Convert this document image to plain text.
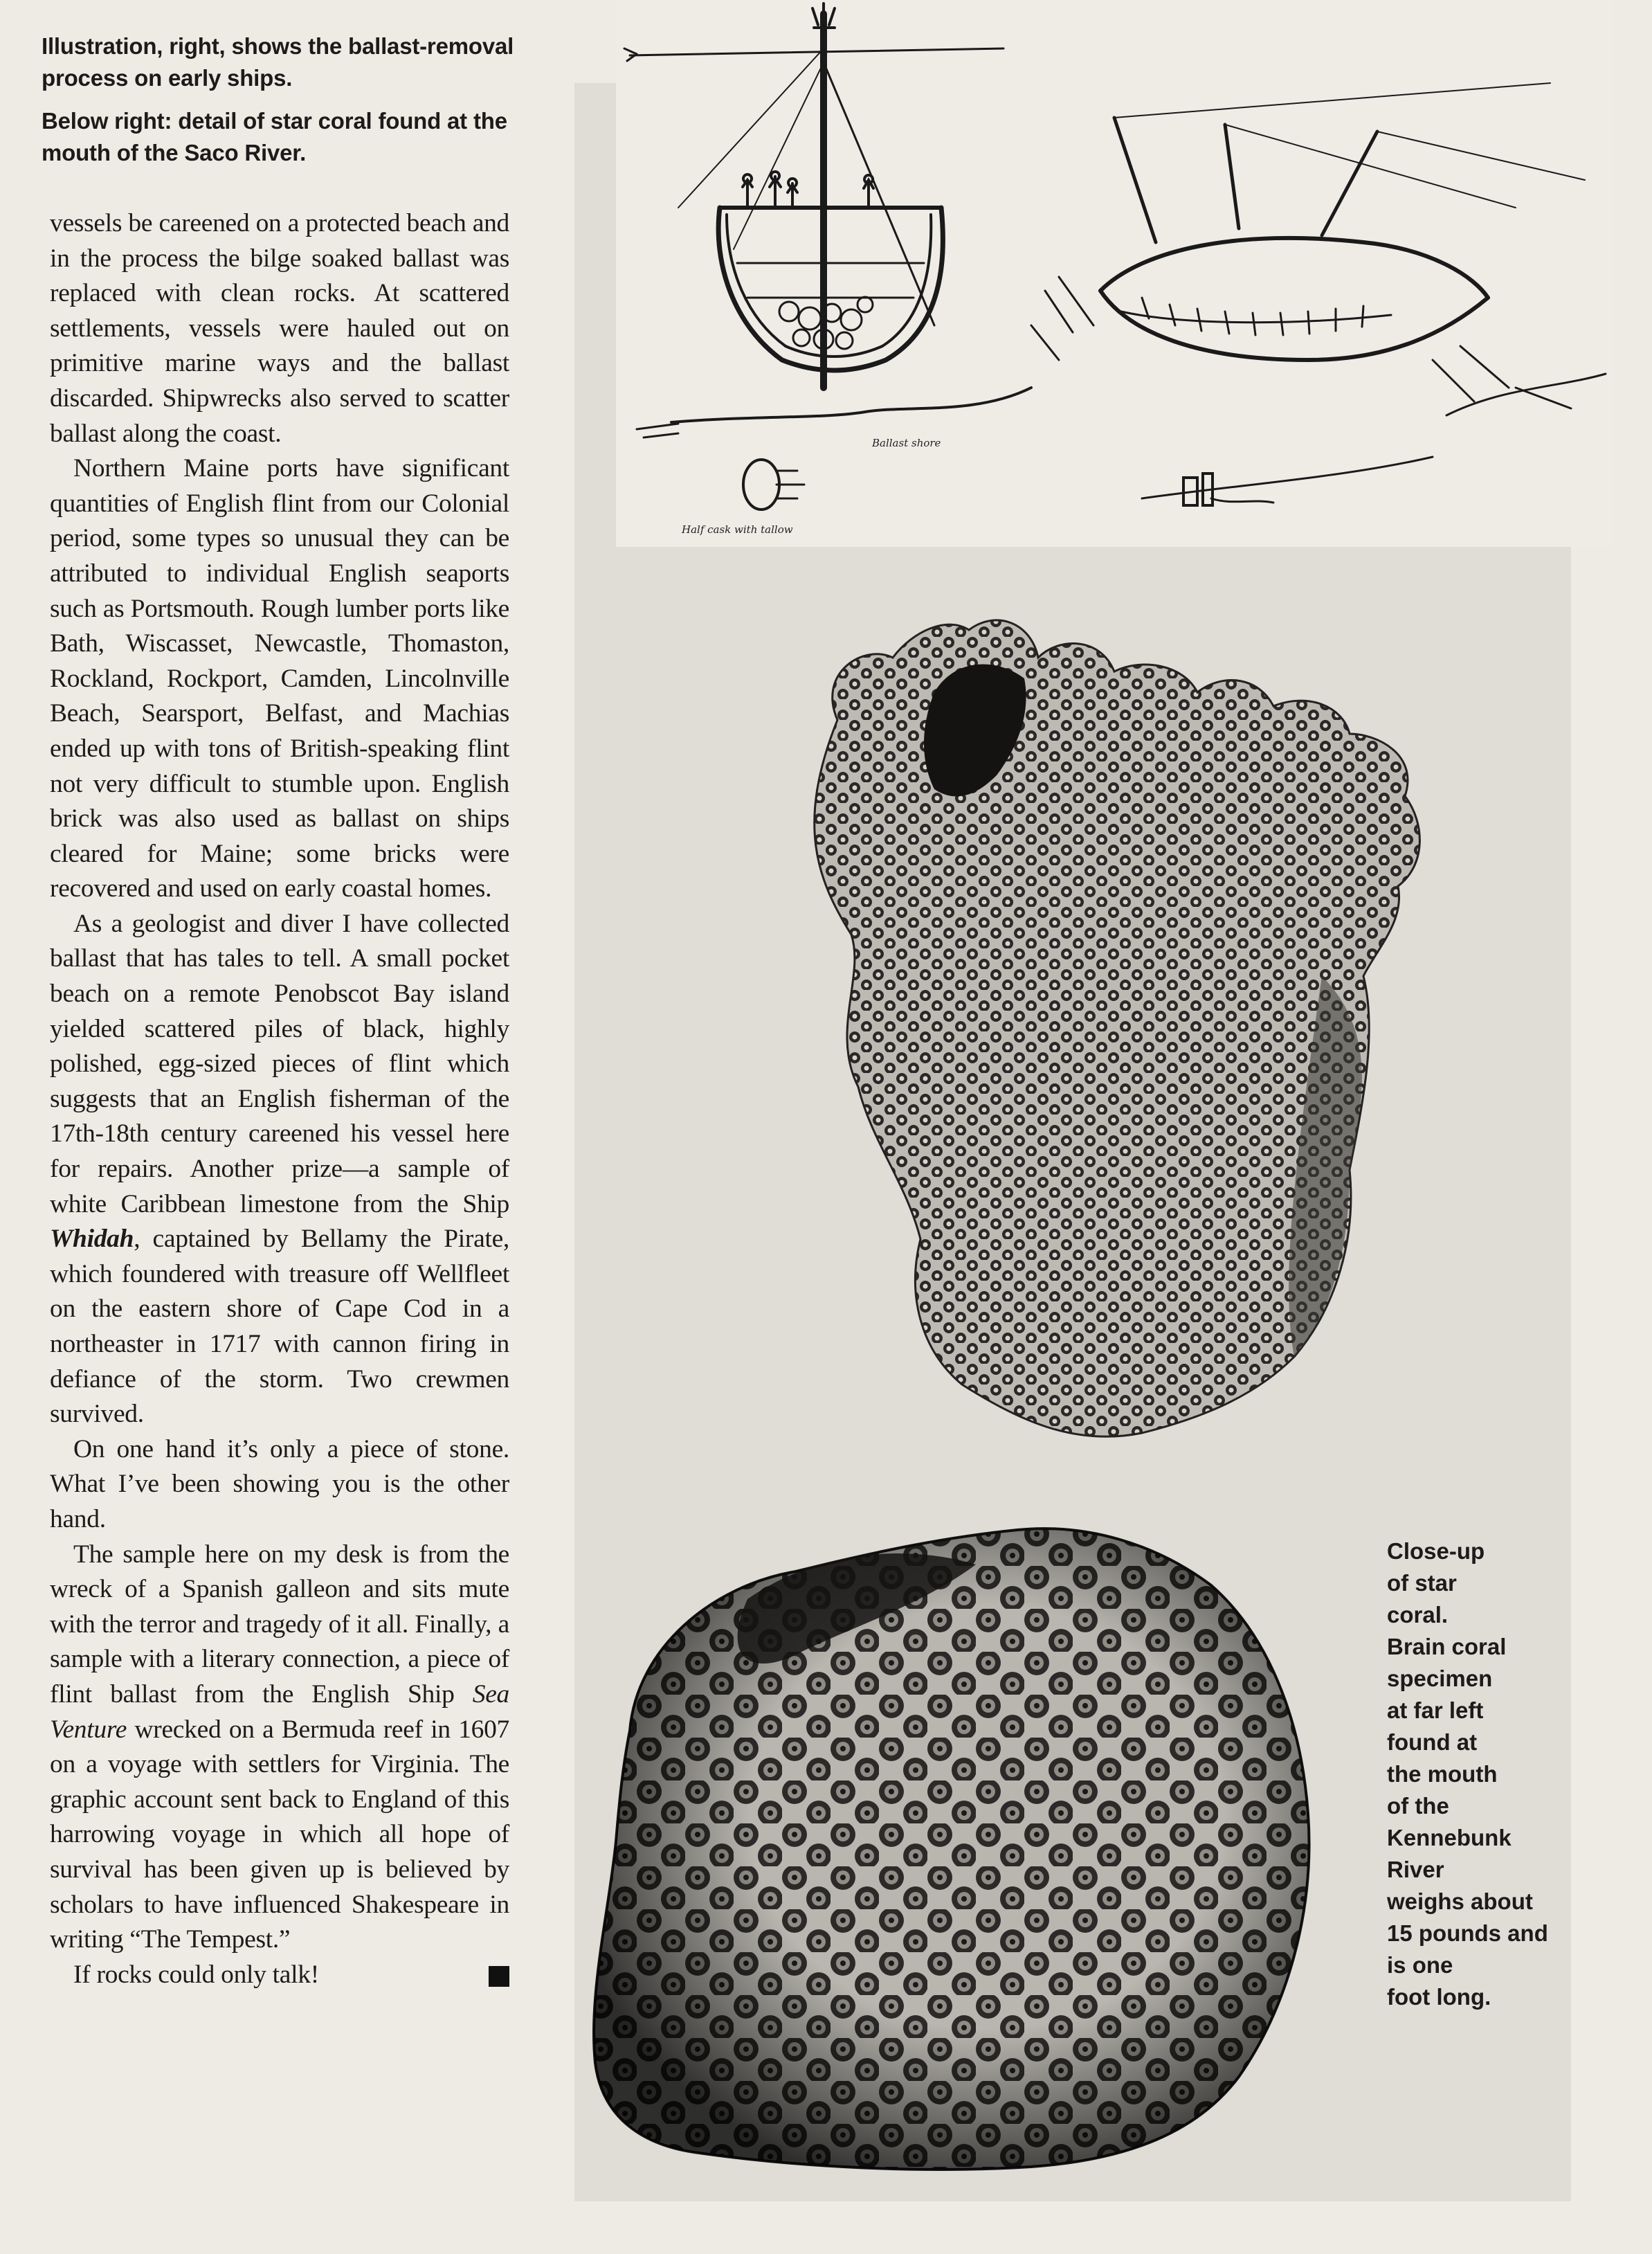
Illustration, right, shows the ballast-removal process on early ships.

Below right: detail of star coral found at the mouth of the Saco River.

vessels be careened on a protected beach and in the process the bilge soaked ballast was replaced with clean rocks. At scattered settlements, vessels were hauled out on primitive marine ways and the ballast discarded. Shipwrecks also served to scatter ballast along the coast.

Northern Maine ports have significant quantities of English flint from our Colonial period, some types so unusual they can be attributed to individual English seaports such as Portsmouth. Rough lumber ports like Bath, Wiscasset, Newcastle, Thomaston, Rockland, Rockport, Camden, Lincolnville Beach, Searsport, Belfast, and Machias ended up with tons of British-speaking flint not very difficult to stumble upon. English brick was also used as ballast on ships cleared for Maine; some bricks were recovered and used on early coastal homes.

As a geologist and diver I have collected ballast that has tales to tell. A small pocket beach on a remote Penobscot Bay island yielded scattered piles of black, highly polished, egg-sized pieces of flint which suggests that an English fisherman of the 17th-18th century careened his vessel here for repairs. Another prize—a sample of white Caribbean limestone from the Ship Whidah, captained by Bellamy the Pirate, which foundered with treasure off Wellfleet on the eastern shore of Cape Cod in a northeaster in 1717 with cannon firing in defiance of the storm. Two crewmen survived.

On one hand it’s only a piece of stone. What I’ve been showing you is the other hand.

The sample here on my desk is from the wreck of a Spanish galleon and sits mute with the terror and tragedy of it all. Finally, a sample with a literary connection, a piece of flint ballast from the English Ship Sea Venture wrecked on a Bermuda reef in 1607 on a voyage with settlers for Virginia. The graphic account sent back to England of this harrowing voyage in which all hope of survival has been given up is believed by scholars to have influenced Shakespeare in writing “The Tempest.”

If rocks could only talk!

Ballast shore
Half cask with tallow
Close-up
of star
coral.
Brain coral
specimen
at far left
found at
the mouth
of the
Kennebunk
River
weighs about
15 pounds and
is one
foot long.
